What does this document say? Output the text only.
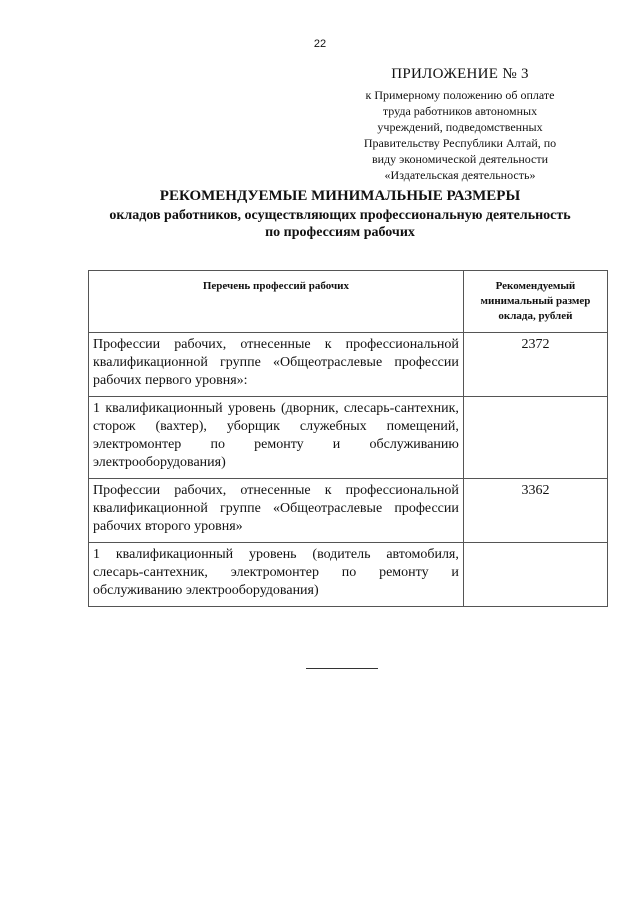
22
ПРИЛОЖЕНИЕ № 3
к Примерному положению об оплате
труда работников автономных
учреждений, подведомственных
Правительству Республики Алтай, по
виду экономической деятельности
«Издательская деятельность»
РЕКОМЕНДУЕМЫЕ МИНИМАЛЬНЫЕ РАЗМЕРЫ
окладов работников, осуществляющих профессиональную деятельность
по профессиям рабочих
Перечень профессий рабочих	Рекомендуемый минимальный размер оклада, рублей
Профессии рабочих, отнесенные к профессиональной квалификационной группе «Общеотраслевые профессии рабочих первого уровня»:	2372
1 квалификационный уровень (дворник, слесарь-сантехник, сторож (вахтер), уборщик служебных помещений, электромонтер по ремонту и обслуживанию электрооборудования)	
Профессии рабочих, отнесенные к профессиональной квалификационной группе «Общеотраслевые профессии рабочих второго уровня»	3362
1 квалификационный уровень (водитель автомобиля, слесарь-сантехник, электромонтер по ремонту и обслуживанию электрооборудования)	
